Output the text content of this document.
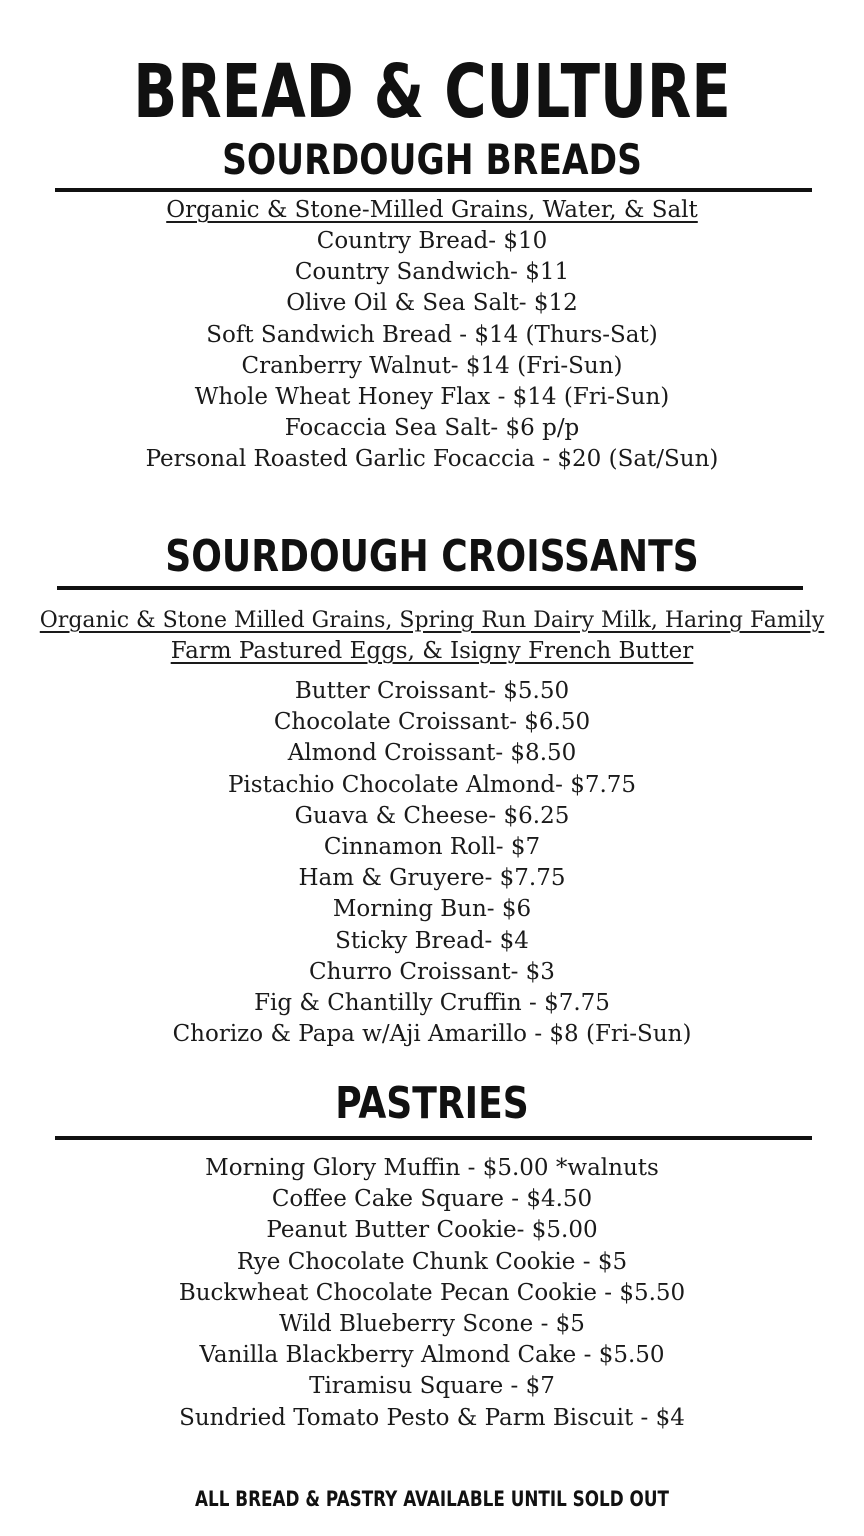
BREAD & CULTURE
SOURDOUGH BREADS
Organic & Stone-Milled Grains, Water, & Salt
Country Bread- $10
Country Sandwich- $11
Olive Oil & Sea Salt- $12
Soft Sandwich Bread - $14 (Thurs-Sat)
Cranberry Walnut- $14 (Fri-Sun)
Whole Wheat Honey Flax - $14 (Fri-Sun)
Focaccia Sea Salt- $6 p/p
Personal Roasted Garlic Focaccia - $20 (Sat/Sun)
SOURDOUGH CROISSANTS
Organic & Stone Milled Grains, Spring Run Dairy Milk, Haring Family
Farm Pastured Eggs, & Isigny French Butter
Butter Croissant- $5.50
Chocolate Croissant- $6.50
Almond Croissant- $8.50
Pistachio Chocolate Almond- $7.75
Guava & Cheese- $6.25
Cinnamon Roll- $7
Ham & Gruyere- $7.75
Morning Bun- $6
Sticky Bread- $4
Churro Croissant- $3
Fig & Chantilly Cruffin - $7.75
Chorizo & Papa w/Aji Amarillo - $8 (Fri-Sun)
PASTRIES
Morning Glory Muffin - $5.00 *walnuts
Coffee Cake Square - $4.50
Peanut Butter Cookie- $5.00
Rye Chocolate Chunk Cookie - $5
Buckwheat Chocolate Pecan Cookie - $5.50
Wild Blueberry Scone - $5
Vanilla Blackberry Almond Cake - $5.50
Tiramisu Square - $7
Sundried Tomato Pesto & Parm Biscuit - $4
ALL BREAD & PASTRY AVAILABLE UNTIL SOLD OUT
